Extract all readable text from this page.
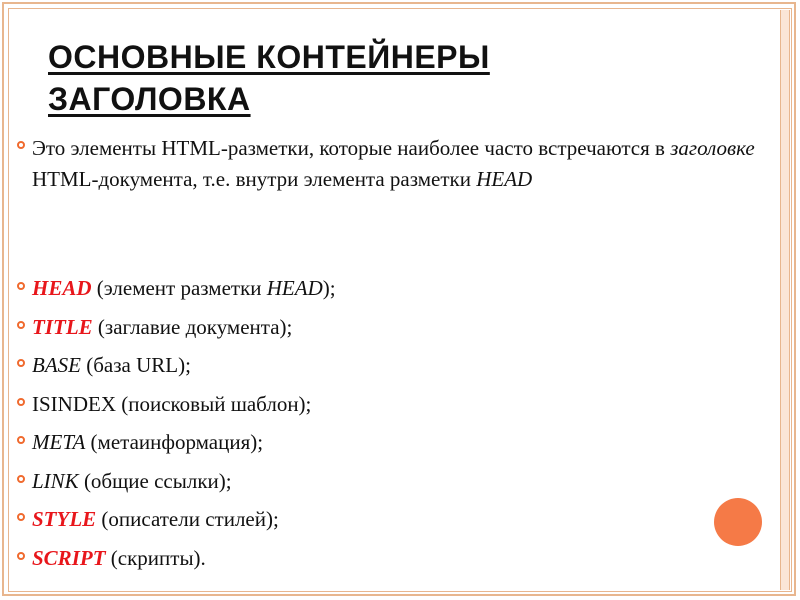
ОСНОВНЫЕ КОНТЕЙНЕРЫ
ЗАГОЛОВКА
Это элементы HTML-разметки, которые наиболее часто встречаются в заголовке HTML-документа, т.е. внутри элемента разметки HEAD
HEAD (элемент разметки HEAD);
TITLE (заглавие документа);
BASE (база URL);
ISINDEX (поисковый шаблон);
META (метаинформация);
LINK (общие ссылки);
STYLE (описатели стилей);
SCRIPT (скрипты).
